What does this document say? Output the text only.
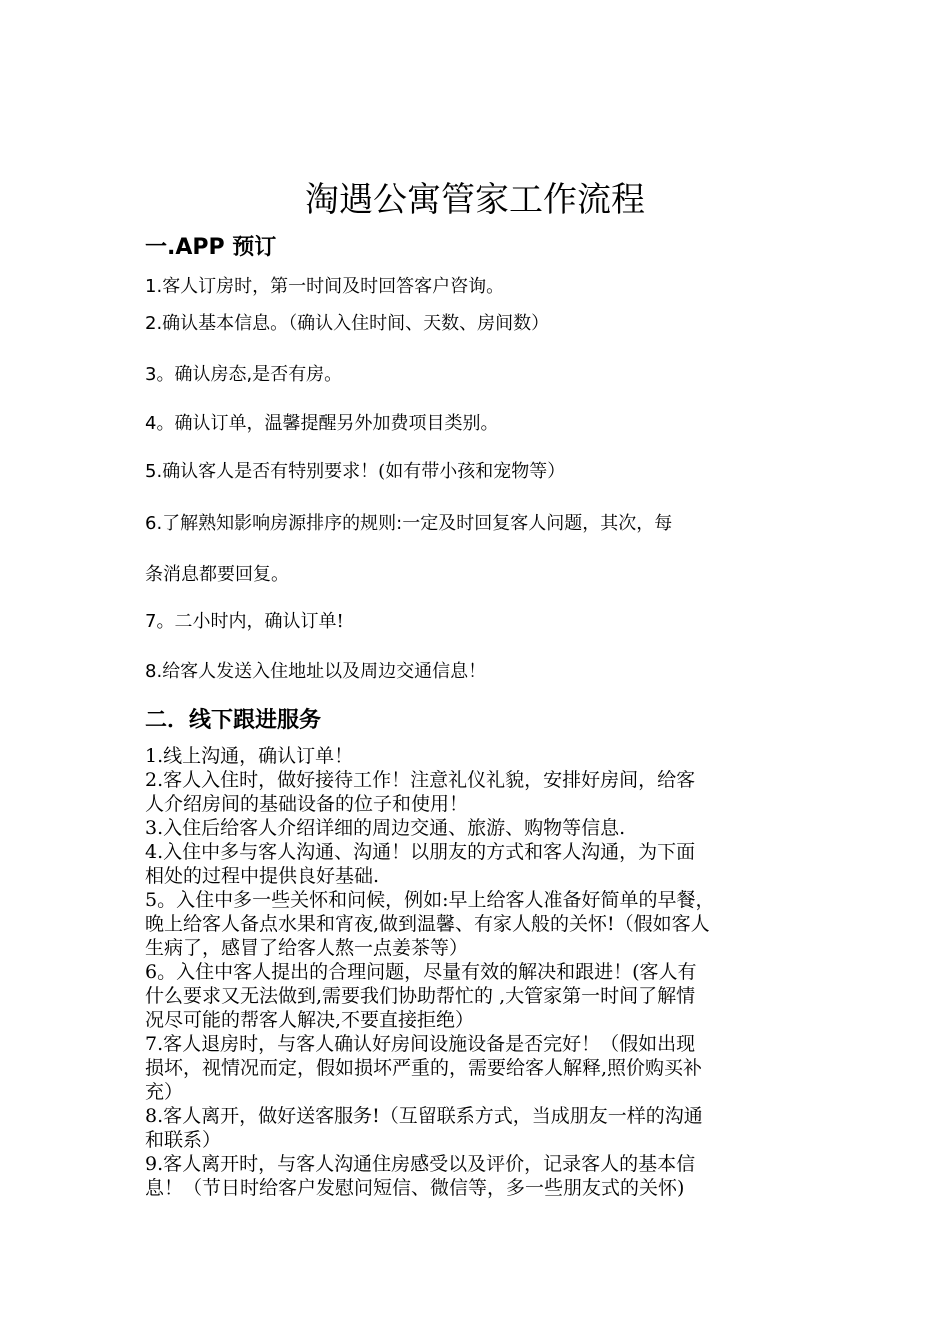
淘遇公寓管家工作流程
一.APP 预订
1.客人订房时，第一时间及时回答客户咨询。
2.确认基本信息。（确认入住时间、天数、房间数）
3。确认房态,是否有房。
4。确认订单，温馨提醒另外加费项目类别。
5.确认客人是否有特别要求！(如有带小孩和宠物等）
6.了解熟知影响房源排序的规则:一定及时回复客人问题，其次，每
条消息都要回复。
7。二小时内，确认订单!
8.给客人发送入住地址以及周边交通信息！
二．线下跟进服务
1.线上沟通，确认订单！
2.客人入住时，做好接待工作！注意礼仪礼貌，安排好房间，给客
人介绍房间的基础设备的位子和使用！
3.入住后给客人介绍详细的周边交通、旅游、购物等信息.
4.入住中多与客人沟通、沟通！以朋友的方式和客人沟通，为下面
相处的过程中提供良好基础.
5。入住中多一些关怀和问候，例如:早上给客人准备好简单的早餐，
晚上给客人备点水果和宵夜,做到温馨、有家人般的关怀!（假如客人
生病了，感冒了给客人熬一点姜茶等）
6。入住中客人提出的合理问题，尽量有效的解决和跟进！(客人有
什么要求又无法做到,需要我们协助帮忙的 ,大管家第一时间了解情
况尽可能的帮客人解决,不要直接拒绝）
7.客人退房时，与客人确认好房间设施设备是否完好！（假如出现
损坏，视情况而定，假如损坏严重的，需要给客人解释,照价购买补
充）
8.客人离开，做好送客服务!（互留联系方式，当成朋友一样的沟通
和联系）
9.客人离开时，与客人沟通住房感受以及评价，记录客人的基本信
息！（节日时给客户发慰问短信、微信等，多一些朋友式的关怀)
